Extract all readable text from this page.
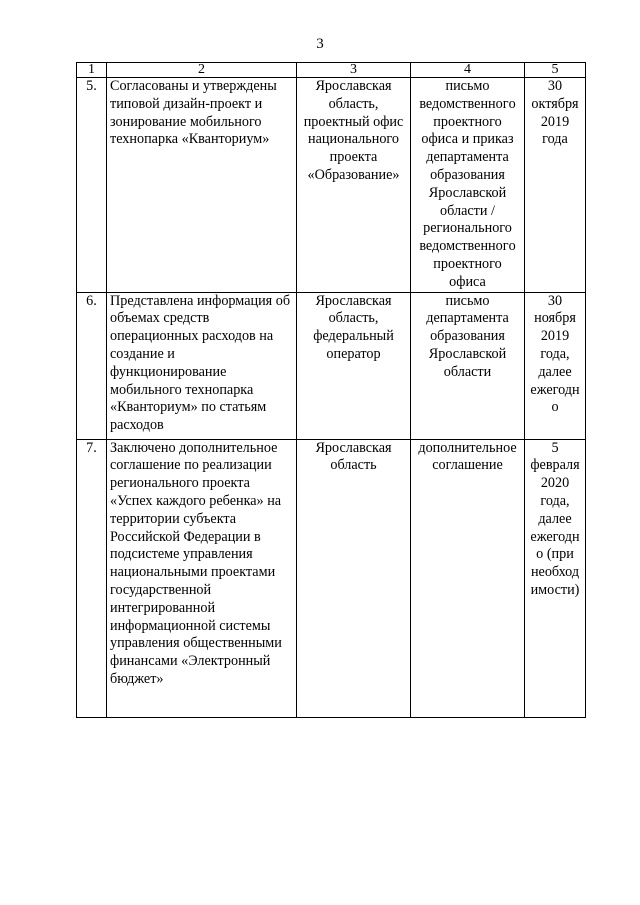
3
1	2	3	4	5
5.	Согласованы и утверждены типовой дизайн-проект и зонирование мобильного технопарка «Кванториум»	Ярославская область, проектный офис национального проекта «Образование»	письмо ведомственногo проектного офиса и приказ департамента образования Ярославской области /регионального ведомственногo проектного офиса	30 октября 2019 года
6.	Представлена информация об объемах средств операционных расходов на создание и функционирование мобильного технопарка «Кванториум» по статьям расходов	Ярославская область, федеральный оператор	письмо департамента образования Ярославской области	30 ноября 2019 года, далее ежегодно
7.	Заключено дополнительное соглашение по реализации регионального проекта «Успех каждого ребенка» на территории субъекта Российской Федерации в подсистеме управления национальными проектами государственной интегрированной информационной системы управления общественными финансами «Электронный бюджет»	Ярославская область	дополнительное соглашение	5 февраля 2020 года, далее ежегодно (при необходимости)
